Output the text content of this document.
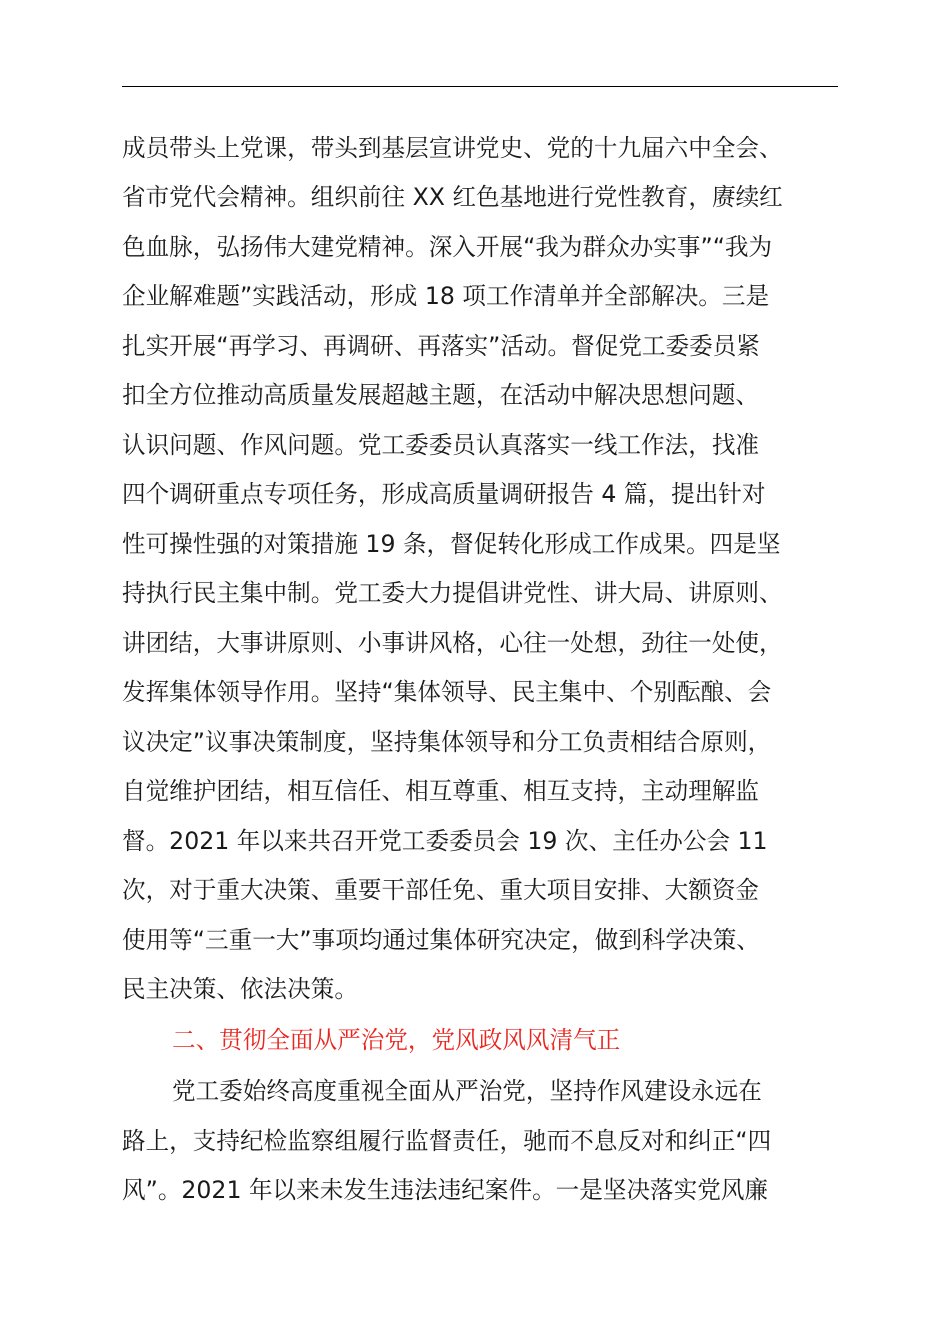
成员带头上党课，带头到基层宣讲党史、党的十九届六中全会、
省市党代会精神。组织前往 XX 红色基地进行党性教育，赓续红
色血脉，弘扬伟大建党精神。深入开展“我为群众办实事”“我为
企业解难题”实践活动，形成 18 项工作清单并全部解决。三是
扎实开展“再学习、再调研、再落实”活动。督促党工委委员紧
扣全方位推动高质量发展超越主题，在活动中解决思想问题、
认识问题、作风问题。党工委委员认真落实一线工作法，找准
四个调研重点专项任务，形成高质量调研报告 4 篇，提出针对
性可操性强的对策措施 19 条，督促转化形成工作成果。四是坚
持执行民主集中制。党工委大力提倡讲党性、讲大局、讲原则、
讲团结，大事讲原则、小事讲风格，心往一处想，劲往一处使，
发挥集体领导作用。坚持“集体领导、民主集中、个别酝酿、会
议决定”议事决策制度，坚持集体领导和分工负责相结合原则，
自觉维护团结，相互信任、相互尊重、相互支持，主动理解监
督。2021 年以来共召开党工委委员会 19 次、主任办公会 11
次，对于重大决策、重要干部任免、重大项目安排、大额资金
使用等“三重一大”事项均通过集体研究决定，做到科学决策、
民主决策、依法决策。
二、贯彻全面从严治党，党风政风风清气正
党工委始终高度重视全面从严治党，坚持作风建设永远在
路上，支持纪检监察组履行监督责任，驰而不息反对和纠正“四
风”。2021 年以来未发生违法违纪案件。一是坚决落实党风廉
